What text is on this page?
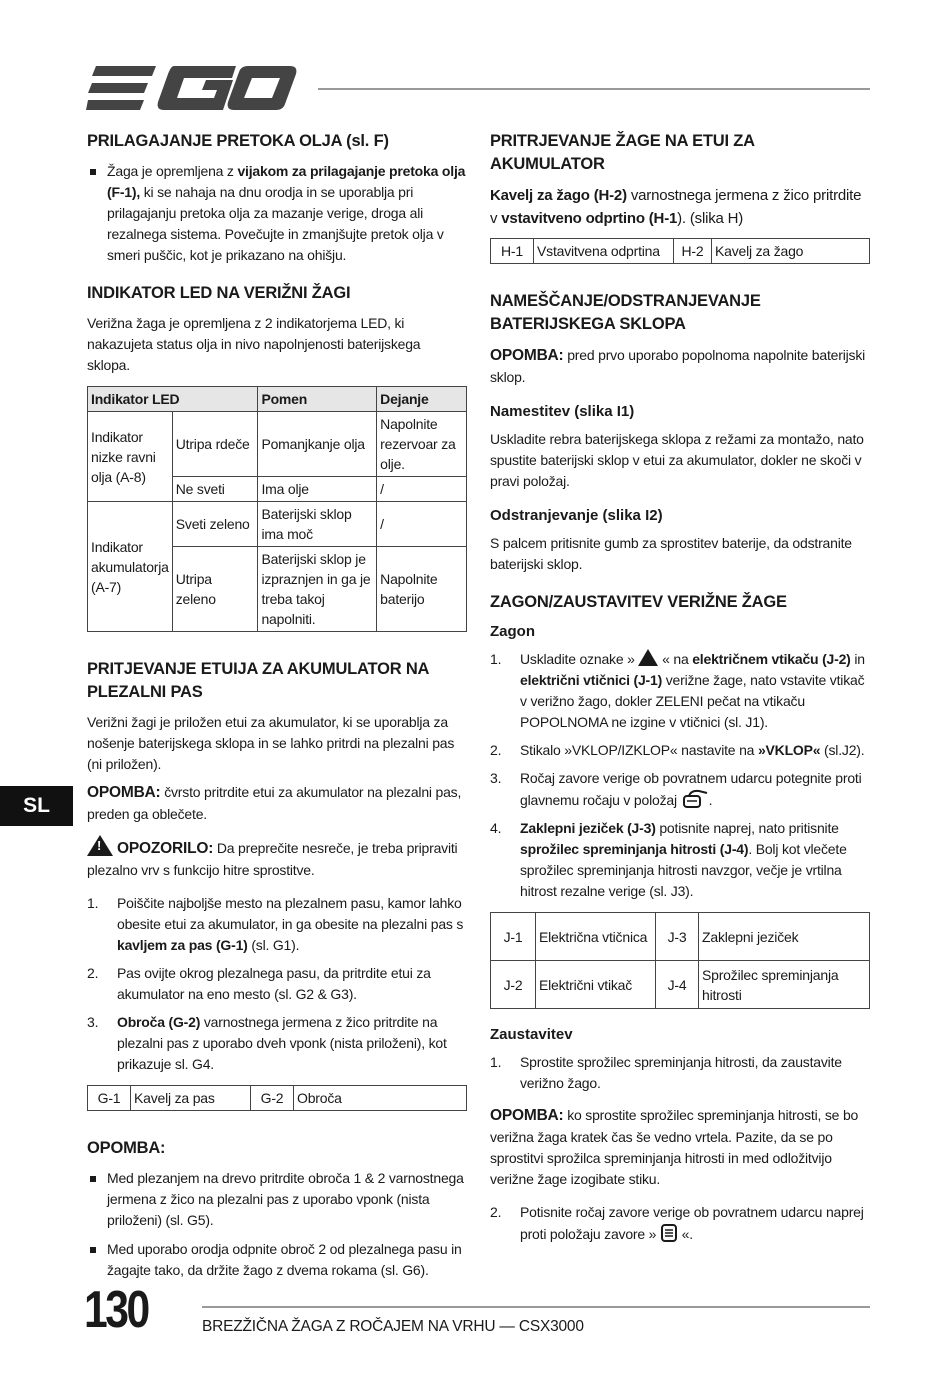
SL
PRILAGAJANJE PRETOKA OLJA (sl. F)
Žaga je opremljena z vijakom za prilagajanje pretoka olja (F-1), ki se nahaja na dnu orodja in se uporablja pri prilagajanju pretoka olja za mazanje verige, droga ali rezalnega sistema. Povečujte in zmanjšujte pretok olja v smeri puščic, kot je prikazano na ohišju.
INDIKATOR LED NA VERIŽNI ŽAGI

Verižna žaga je opremljena z 2 indikatorjema LED, ki nakazujeta status olja in nivo napolnjenosti baterijskega sklopa.

Indikator LED		Pomen	Dejanje
Indikator nizke ravni olja (A-8)	Utripa rdeče	Pomanjkanje olja	Napolnite rezervoar za olje.
	Ne sveti	Ima olje	/
Indikator akumulatorja (A-7)	Sveti zeleno	Baterijski sklop ima moč	/
	Utripa zeleno	Baterijski sklop je izpraznjen in ga je treba takoj napolniti.	Napolnite baterijo
PRITJEVANJE ETUIJA ZA AKUMULATOR NA PLEZALNI PAS

Verižni žagi je priložen etui za akumulator, ki se uporablja za nošenje baterijskega sklopa in se lahko pritrdi na plezalni pas (ni priložen).

OPOMBA: čvrsto pritrdite etui za akumulator na plezalni pas, preden ga oblečete.

!OPOZORILO: Da preprečite nesreče, je treba pripraviti plezalno vrv s funkcijo hitre sprostitve.

1. Poiščite najboljše mesto na plezalnem pasu, kamor lahko obesite etui za akumulator, in ga obesite na plezalni pas s kavljem za pas (G-1) (sl. G1).
2. Pas ovijte okrog plezalnega pasu, da pritrdite etui za akumulator na eno mesto (sl. G2 & G3).
3. Obroča (G-2) varnostnega jermena z žico pritrdite na plezalni pas z uporabo dveh vponk (nista priloženi), kot prikazuje sl. G4.
G-1	Kavelj za pas	G-2	Obroča
OPOMBA:
Med plezanjem na drevo pritrdite obroča 1 & 2 varnostnega jermena z žico na plezalni pas z uporabo vponk (nista priloženi) (sl. G5).
Med uporabo orodja odpnite obroč 2 od plezalnega pasu in žagajte tako, da držite žago z dvema rokama (sl. G6).
PRITRJEVANJE ŽAGE NA ETUI ZA AKUMULATOR

Kavelj za žago (H-2) varnostnega jermena z žico pritrdite v vstavitveno odprtino (H-1). (slika H)

H-1	Vstavitvena odprtina	H-2	Kavelj za žago
NAMEŠČANJE/ODSTRANJEVANJE BATERIJSKEGA SKLOPA

OPOMBA: pred prvo uporabo popolnoma napolnite baterijski sklop.

Namestitev (slika I1)

Uskladite rebra baterijskega sklopa z režami za montažo, nato spustite baterijski sklop v etui za akumulator, dokler ne skoči v pravi položaj.

Odstranjevanje (slika I2)

S palcem pritisnite gumb za sprostitev baterije, da odstranite baterijski sklop.

ZAGON/ZAUSTAVITEV VERIŽNE ŽAGE
Zagon
1. Uskladite oznake »  « na električnem vtikaču (J-2) in električni vtičnici (J-1) verižne žage, nato vstavite vtikač v verižno žago, dokler ZELENI pečat na vtikaču POPOLNOMA ne izgine v vtičnici (sl. J1).
2. Stikalo »VKLOP/IZKLOP« nastavite na »VKLOP« (sl.J2).
3. Ročaj zavore verige ob povratnem udarcu potegnite proti glavnemu ročaju v položaj .
4. Zaklepni jeziček (J-3) potisnite naprej, nato pritisnite sprožilec spreminjanja hitrosti (J-4). Bolj kot vlečete sprožilec spreminjanja hitrosti navzgor, večje je vrtilna hitrost rezalne verige (sl. J3).
J-1	Električna vtičnica	J-3	Zaklepni jeziček
J-2	Električni vtikač	J-4	Sprožilec spreminjanja hitrosti
Zaustavitev
1. Sprostite sprožilec spreminjanja hitrosti, da zaustavite verižno žago.

OPOMBA: ko sprostite sprožilec spreminjanja hitrosti, se bo verižna žaga kratek čas še vedno vrtela. Pazite, da se po sprostitvi sprožilca spreminjanja hitrosti in med odložitvijo verižne žage izogibate stiku.

2. Potisnite ročaj zavore verige ob povratnem udarcu naprej proti položaju zavore »  «.
130	BREZŽIČNA ŽAGA Z ROČAJEM NA VRHU — CSX3000
